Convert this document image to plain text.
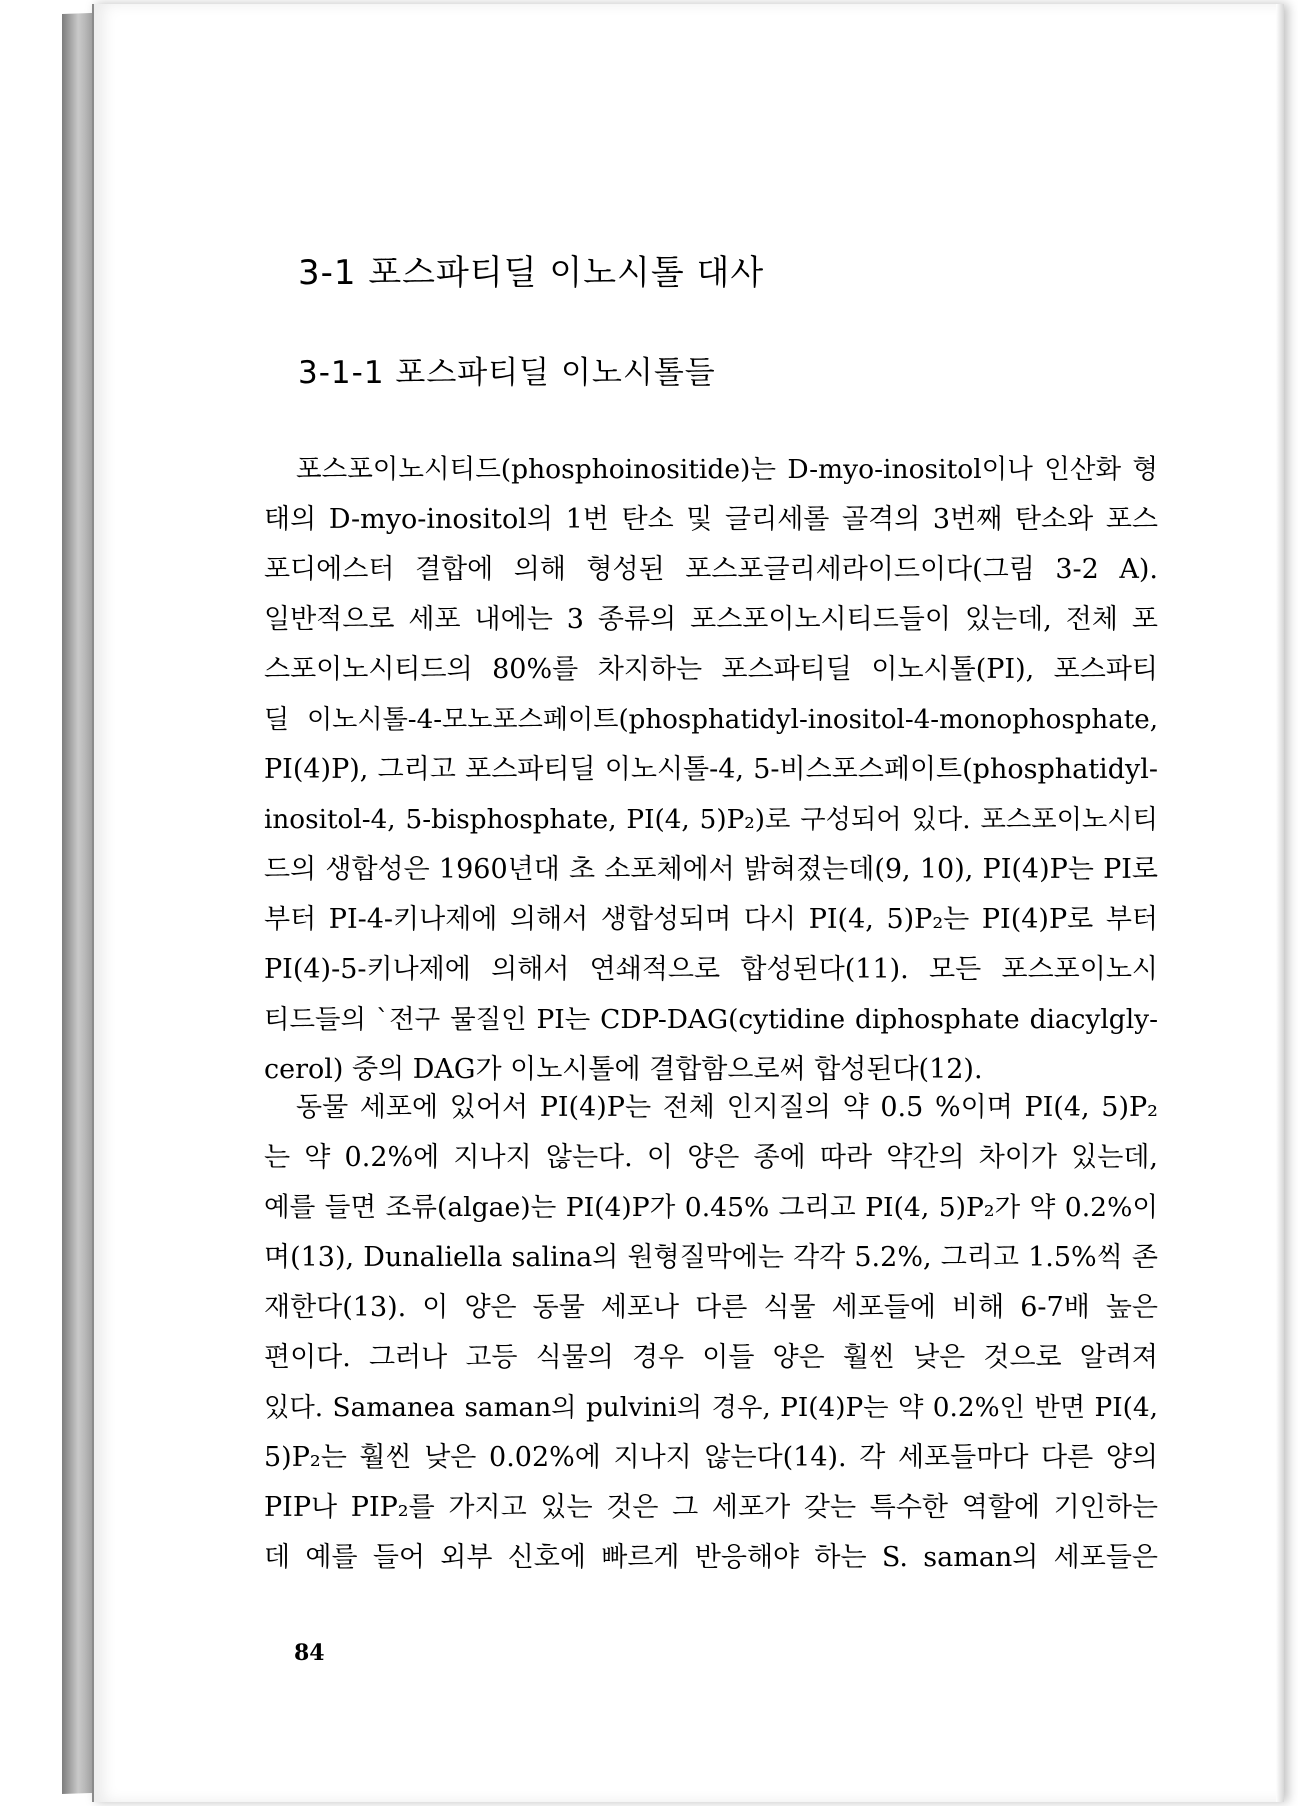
3-1 포스파티딜 이노시톨 대사
3-1-1 포스파티딜 이노시톨들
포스포이노시티드(phosphoinositide)는 D-myo-inositol이나 인산화 형
태의 D-myo-inositol의 1번 탄소 및 글리세롤 골격의 3번째 탄소와 포스
포디에스터 결합에 의해 형성된 포스포글리세라이드이다(그림 3-2 A).
일반적으로 세포 내에는 3 종류의 포스포이노시티드들이 있는데, 전체 포
스포이노시티드의 80%를 차지하는 포스파티딜 이노시톨(PI), 포스파티
딜 이노시톨-4-모노포스페이트(phosphatidyl-inositol-4-monophosphate,
PI(4)P), 그리고 포스파티딜 이노시톨-4, 5-비스포스페이트(phosphatidyl-
inositol-4, 5-bisphosphate, PI(4, 5)P₂)로 구성되어 있다. 포스포이노시티
드의 생합성은 1960년대 초 소포체에서 밝혀졌는데(9, 10), PI(4)P는 PI로
부터 PI-4-키나제에 의해서 생합성되며 다시 PI(4, 5)P₂는 PI(4)P로 부터
PI(4)-5-키나제에 의해서 연쇄적으로 합성된다(11). 모든 포스포이노시
티드들의 `전구 물질인 PI는 CDP-DAG(cytidine diphosphate diacylgly-
cerol) 중의 DAG가 이노시톨에 결합함으로써 합성된다(12).
동물 세포에 있어서 PI(4)P는 전체 인지질의 약 0.5 %이며 PI(4, 5)P₂
는 약 0.2%에 지나지 않는다. 이 양은 종에 따라 약간의 차이가 있는데,
예를 들면 조류(algae)는 PI(4)P가 0.45% 그리고 PI(4, 5)P₂가 약 0.2%이
며(13), Dunaliella salina의 원형질막에는 각각 5.2%, 그리고 1.5%씩 존
재한다(13). 이 양은 동물 세포나 다른 식물 세포들에 비해 6-7배 높은
편이다. 그러나 고등 식물의 경우 이들 양은 훨씬 낮은 것으로 알려져
있다. Samanea saman의 pulvini의 경우, PI(4)P는 약 0.2%인 반면 PI(4,
5)P₂는 훨씬 낮은 0.02%에 지나지 않는다(14). 각 세포들마다 다른 양의
PIP나 PIP₂를 가지고 있는 것은 그 세포가 갖는 특수한 역할에 기인하는
데 예를 들어 외부 신호에 빠르게 반응해야 하는 S. saman의 세포들은
84
